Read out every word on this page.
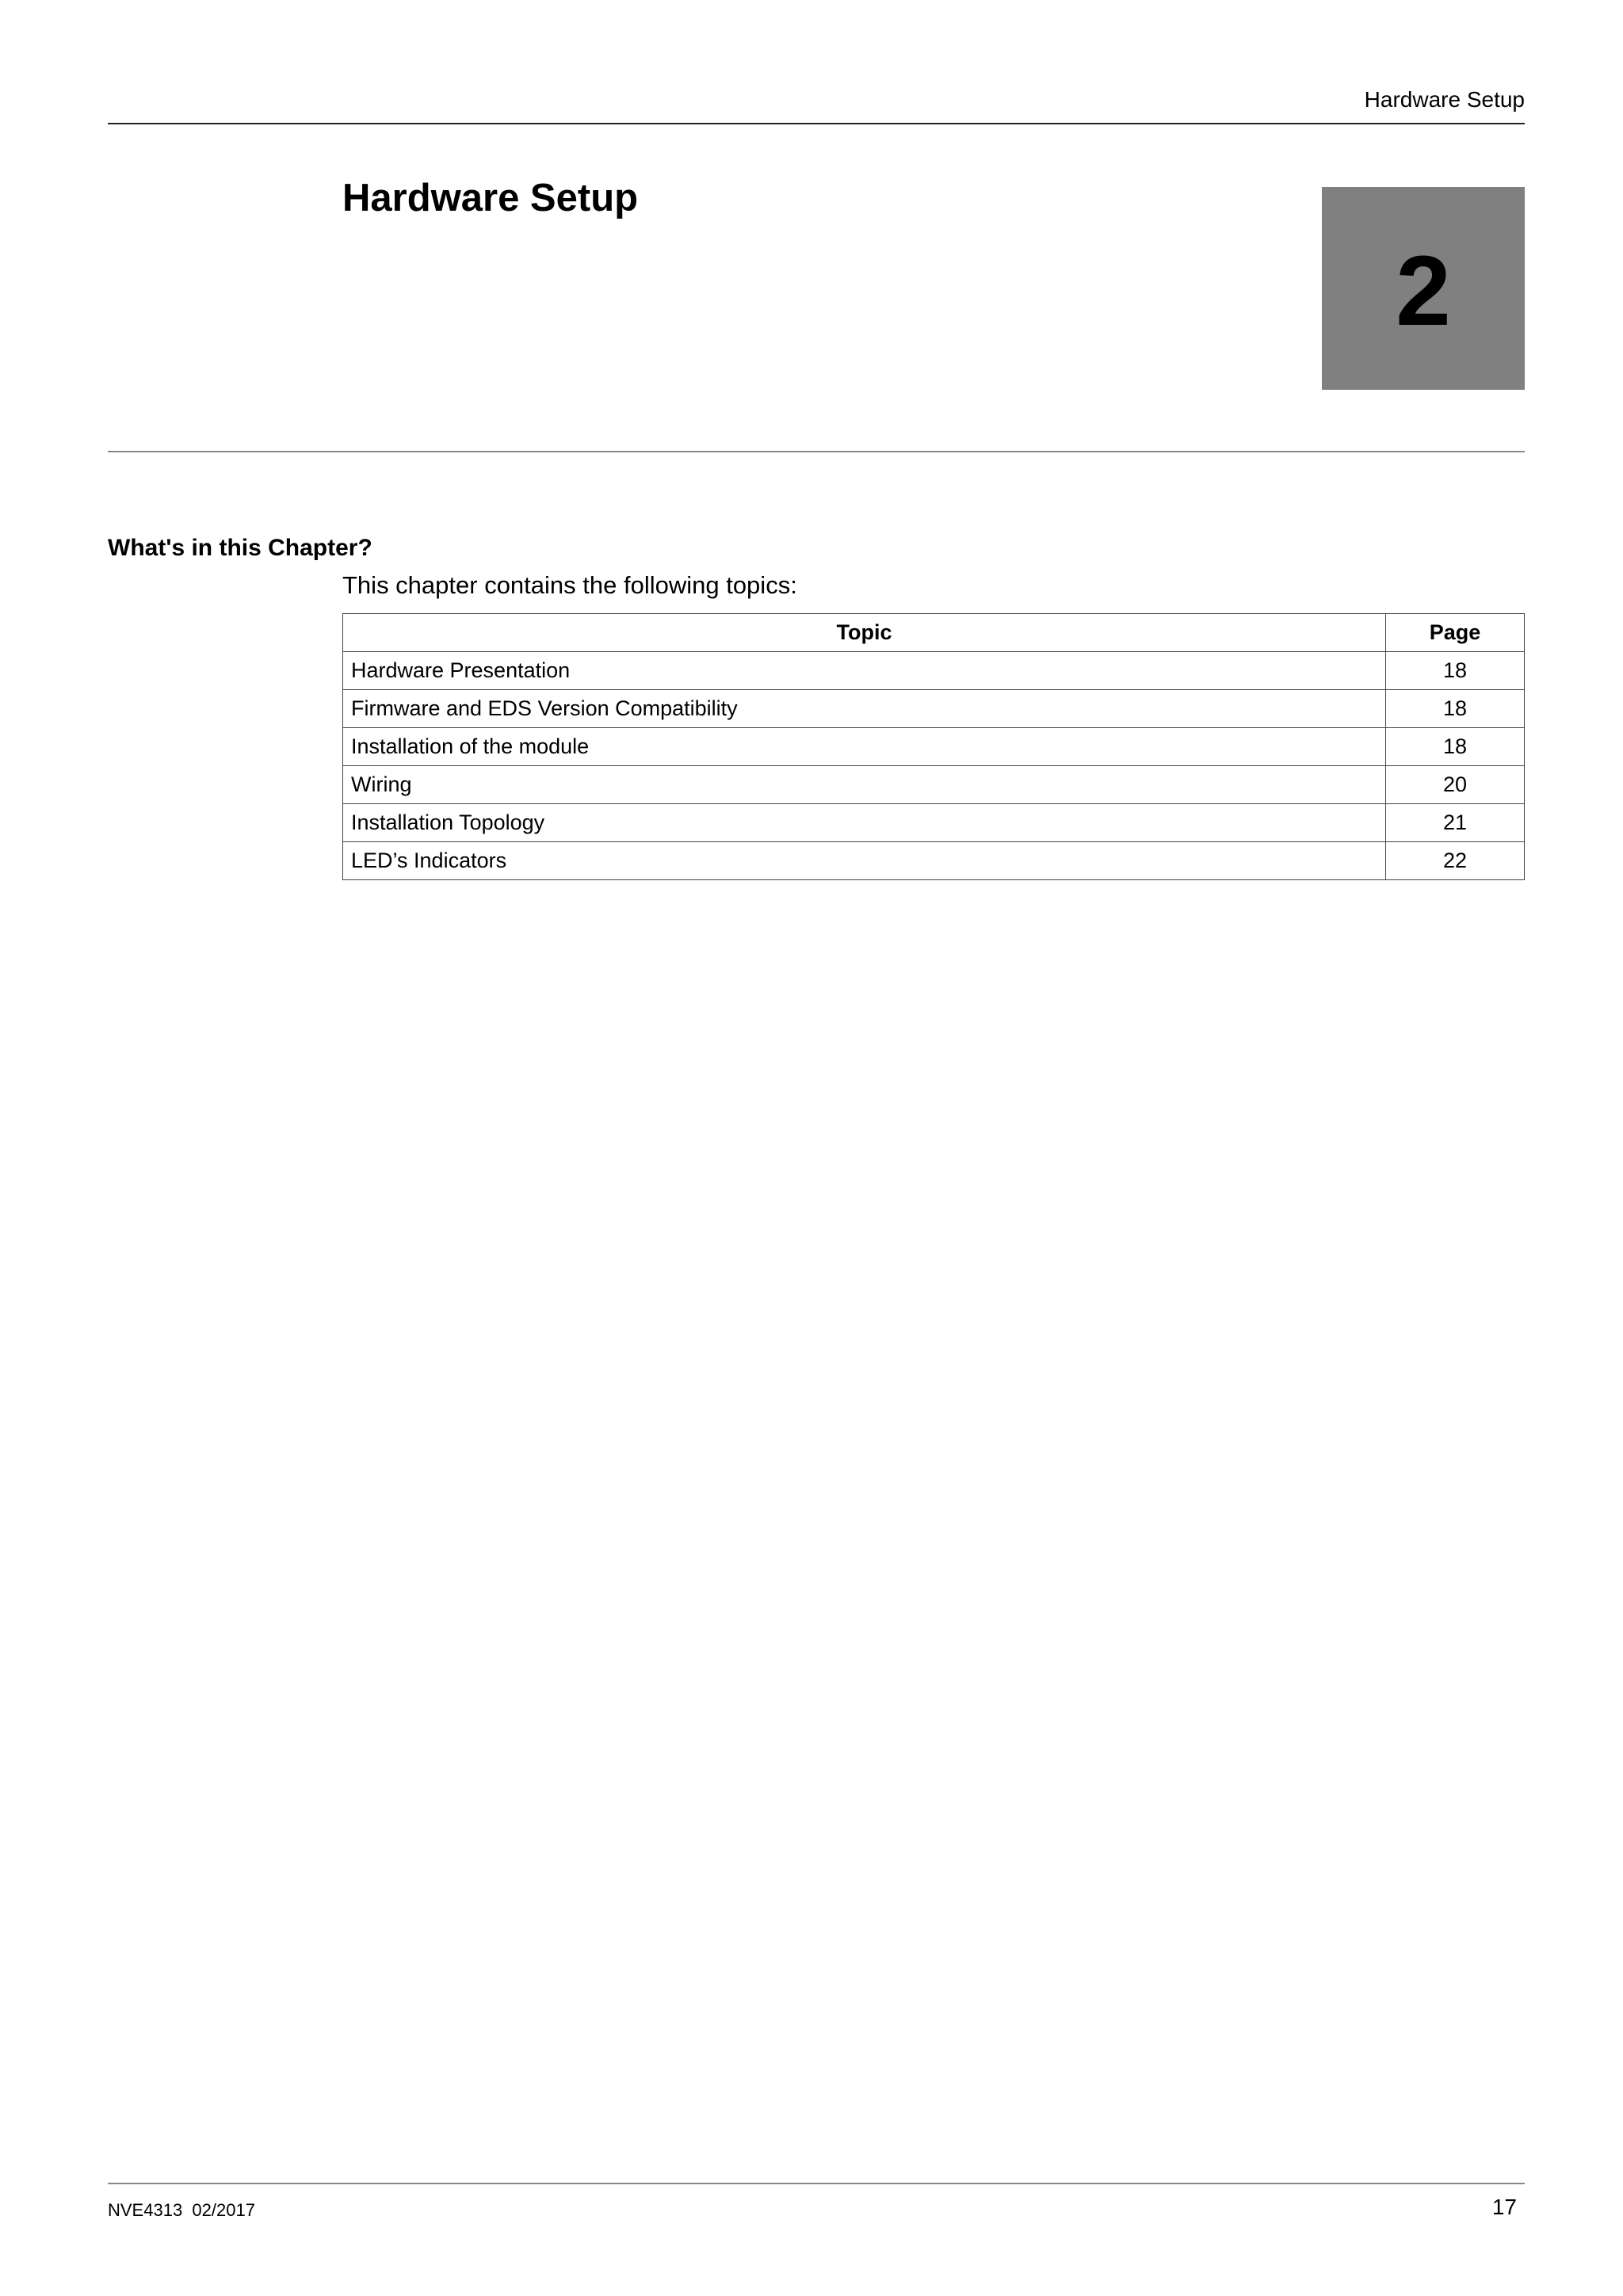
Hardware Setup
Hardware Setup
2
What's in this Chapter?
This chapter contains the following topics:
Topic	Page
Hardware Presentation	18
Firmware and EDS Version Compatibility	18
Installation of the module	18
Wiring	20
Installation Topology	21
LED’s Indicators	22
NVE4313  02/2017	17
